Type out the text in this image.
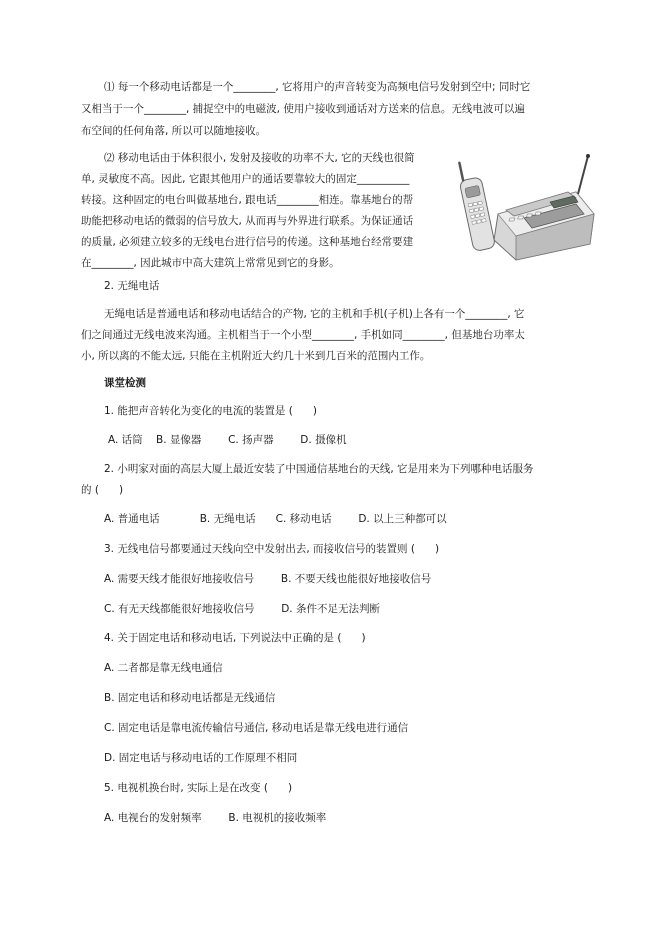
⑴ 每一个移动电话都是一个________, 它将用户的声音转变为高频电信号发射到空中; 同时它
又相当于一个________, 捕捉空中的电磁波, 使用户接收到通话对方送来的信息。无线电波可以遍
布空间的任何角落, 所以可以随地接收。
⑵ 移动电话由于体积很小, 发射及接收的功率不大, 它的天线也很简
单, 灵敏度不高。因此, 它跟其他用户的通话要靠较大的固定__________
转接。这种固定的电台叫做基地台, 跟电话________相连。靠基地台的帮
助能把移动电话的微弱的信号放大, 从而再与外界进行联系。为保证通话
的质量, 必须建立较多的无线电台进行信号的传递。这种基地台经常要建
在________, 因此城市中高大建筑上常常见到它的身影。
2. 无绳电话
无绳电话是普通电话和移动电话结合的产物, 它的主机和手机(子机)上各有一个________, 它
们之间通过无线电波来沟通。主机相当于一个小型________, 手机如同________, 但基地台功率太
小, 所以离的不能太远, 只能在主机附近大约几十米到几百米的范围内工作。
课堂检测
1. 能把声音转化为变化的电流的装置是 (      )
A. 话筒    B. 显像器        C. 扬声器        D. 摄像机
2. 小明家对面的高层大厦上最近安装了中国通信基地台的天线, 它是用来为下列哪种电话服务
的 (      )
A. 普通电话            B. 无绳电话      C. 移动电话        D. 以上三种都可以
3. 无线电信号都要通过天线向空中发射出去, 而接收信号的装置则 (      )
A. 需要天线才能很好地接收信号        B. 不要天线也能很好地接收信号
C. 有无天线都能很好地接收信号        D. 条件不足无法判断
4. 关于固定电话和移动电话, 下列说法中正确的是 (      )
A. 二者都是靠无线电通信
B. 固定电话和移动电话都是无线通信
C. 固定电话是靠电流传输信号通信, 移动电话是靠无线电进行通信
D. 固定电话与移动电话的工作原理不相同
5. 电视机换台时, 实际上是在改变 (      )
A. 电视台的发射频率        B. 电视机的接收频率
